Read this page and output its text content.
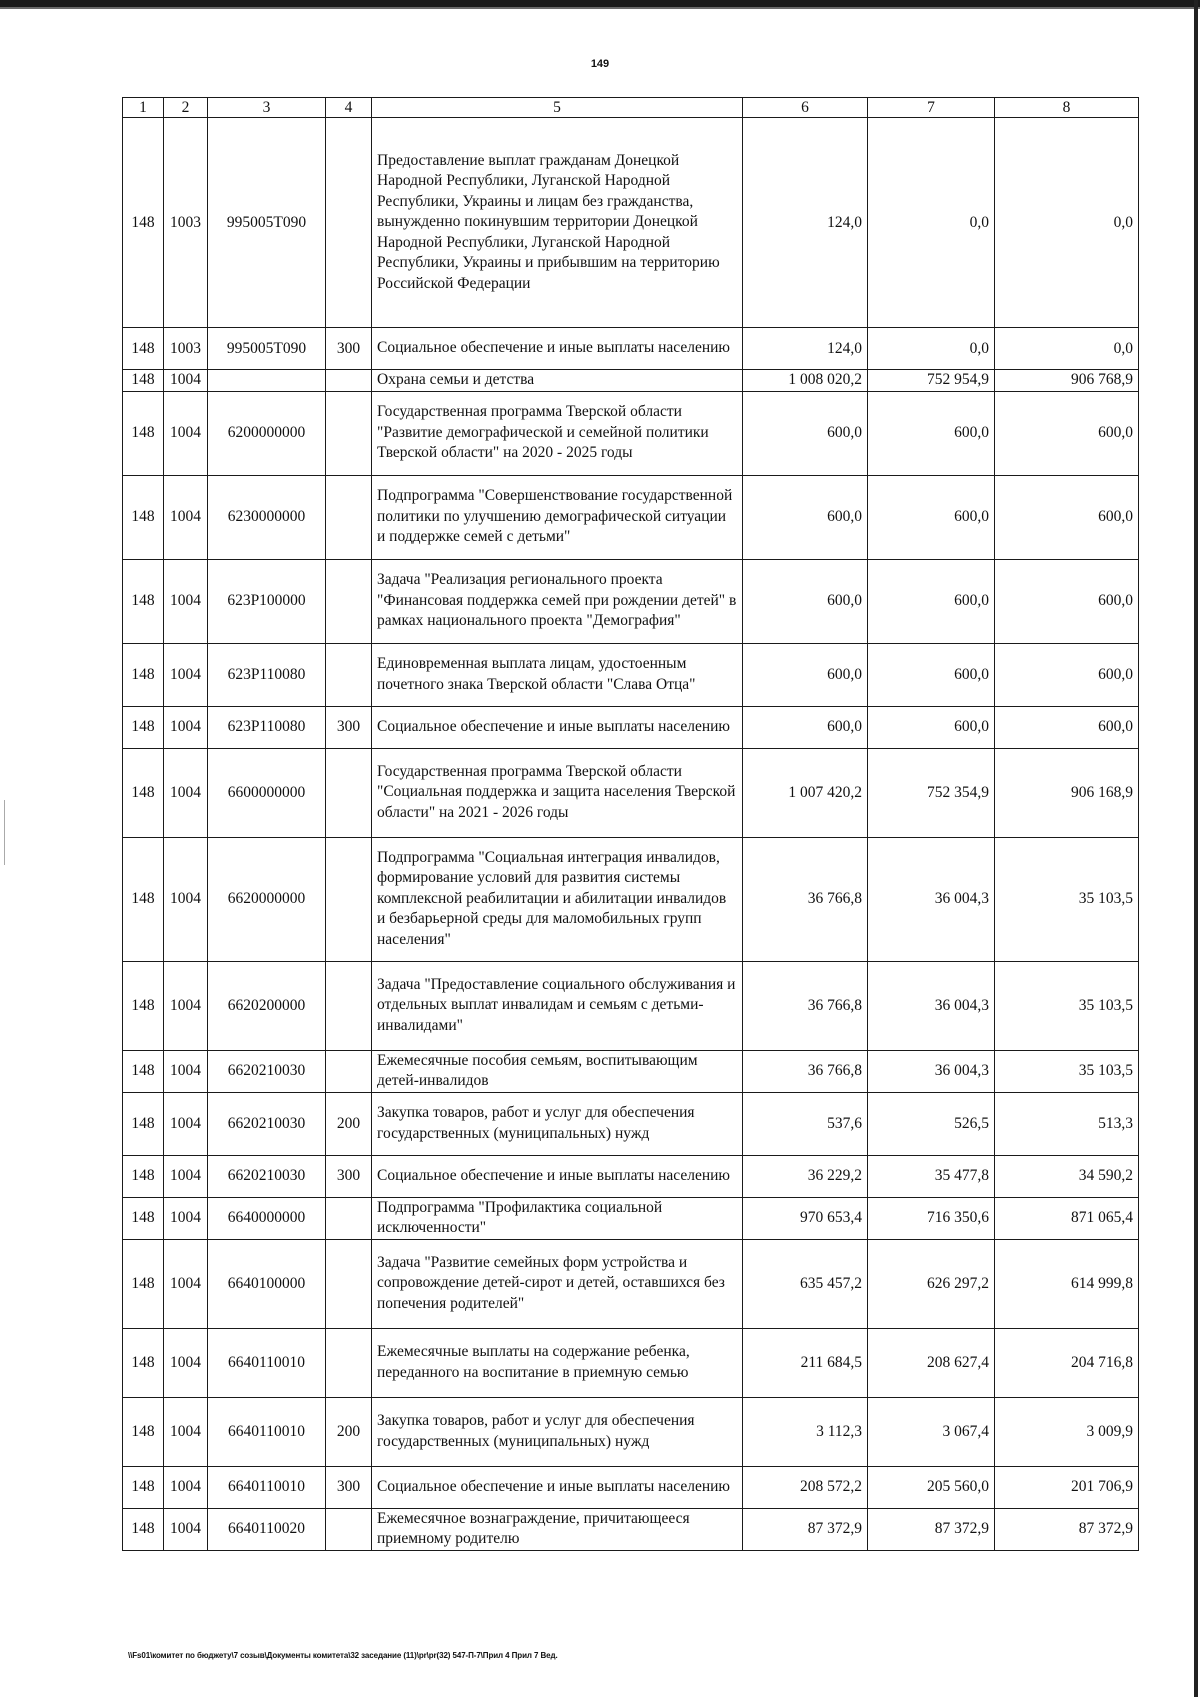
149
1	2	3	4	5	6	7	8
148	1003	995005T090		Предоставление выплат гражданам Донецкой Народной Республики, Луганской Народной Республики, Украины и лицам без гражданства, вынужденно покинувшим территории Донецкой Народной Республики, Луганской Народной Республики, Украины и прибывшим на территорию Российской Федерации	124,0	0,0	0,0
148	1003	995005T090	300	Социальное обеспечение и иные выплаты населению	124,0	0,0	0,0
148	1004			Охрана семьи и детства	1 008 020,2	752 954,9	906 768,9
148	1004	6200000000		Государственная программа Тверской области "Развитие демографической и семейной политики Тверской области" на 2020 - 2025 годы	600,0	600,0	600,0
148	1004	6230000000		Подпрограмма "Совершенствование государственной политики по улучшению демографической ситуации и поддержке семей с детьми"	600,0	600,0	600,0
148	1004	623P100000		Задача "Реализация регионального проекта "Финансовая поддержка семей при рождении детей" в рамках национального проекта "Демография"	600,0	600,0	600,0
148	1004	623P110080		Единовременная выплата лицам, удостоенным почетного знака Тверской области "Слава Отца"	600,0	600,0	600,0
148	1004	623P110080	300	Социальное обеспечение и иные выплаты населению	600,0	600,0	600,0
148	1004	6600000000		Государственная программа Тверской области "Социальная поддержка и защита населения Тверской области" на 2021 - 2026 годы	1 007 420,2	752 354,9	906 168,9
148	1004	6620000000		Подпрограмма "Социальная интеграция инвалидов, формирование условий для развития системы комплексной реабилитации и абилитации инвалидов и безбарьерной среды для маломобильных групп населения"	36 766,8	36 004,3	35 103,5
148	1004	6620200000		Задача "Предоставление социального обслуживания и отдельных выплат инвалидам и семьям с детьми-инвалидами"	36 766,8	36 004,3	35 103,5
148	1004	6620210030		Ежемесячные пособия семьям, воспитывающим детей-инвалидов	36 766,8	36 004,3	35 103,5
148	1004	6620210030	200	Закупка товаров, работ и услуг для обеспечения государственных (муниципальных) нужд	537,6	526,5	513,3
148	1004	6620210030	300	Социальное обеспечение и иные выплаты населению	36 229,2	35 477,8	34 590,2
148	1004	6640000000		Подпрограмма "Профилактика социальной исключенности"	970 653,4	716 350,6	871 065,4
148	1004	6640100000		Задача "Развитие семейных форм устройства и сопровождение детей-сирот и детей, оставшихся без попечения родителей"	635 457,2	626 297,2	614 999,8
148	1004	6640110010		Ежемесячные выплаты на содержание ребенка, переданного на воспитание в приемную семью	211 684,5	208 627,4	204 716,8
148	1004	6640110010	200	Закупка товаров, работ и услуг для обеспечения государственных (муниципальных) нужд	3 112,3	3 067,4	3 009,9
148	1004	6640110010	300	Социальное обеспечение и иные выплаты населению	208 572,2	205 560,0	201 706,9
148	1004	6640110020		Ежемесячное вознаграждение, причитающееся приемному родителю	87 372,9	87 372,9	87 372,9
\\Fs01\комитет по бюджету\7 созыв\Документы комитета\32 заседание (11)\pr\pr(32) 547-П-7\Прил 4 Прил 7 Вед.
